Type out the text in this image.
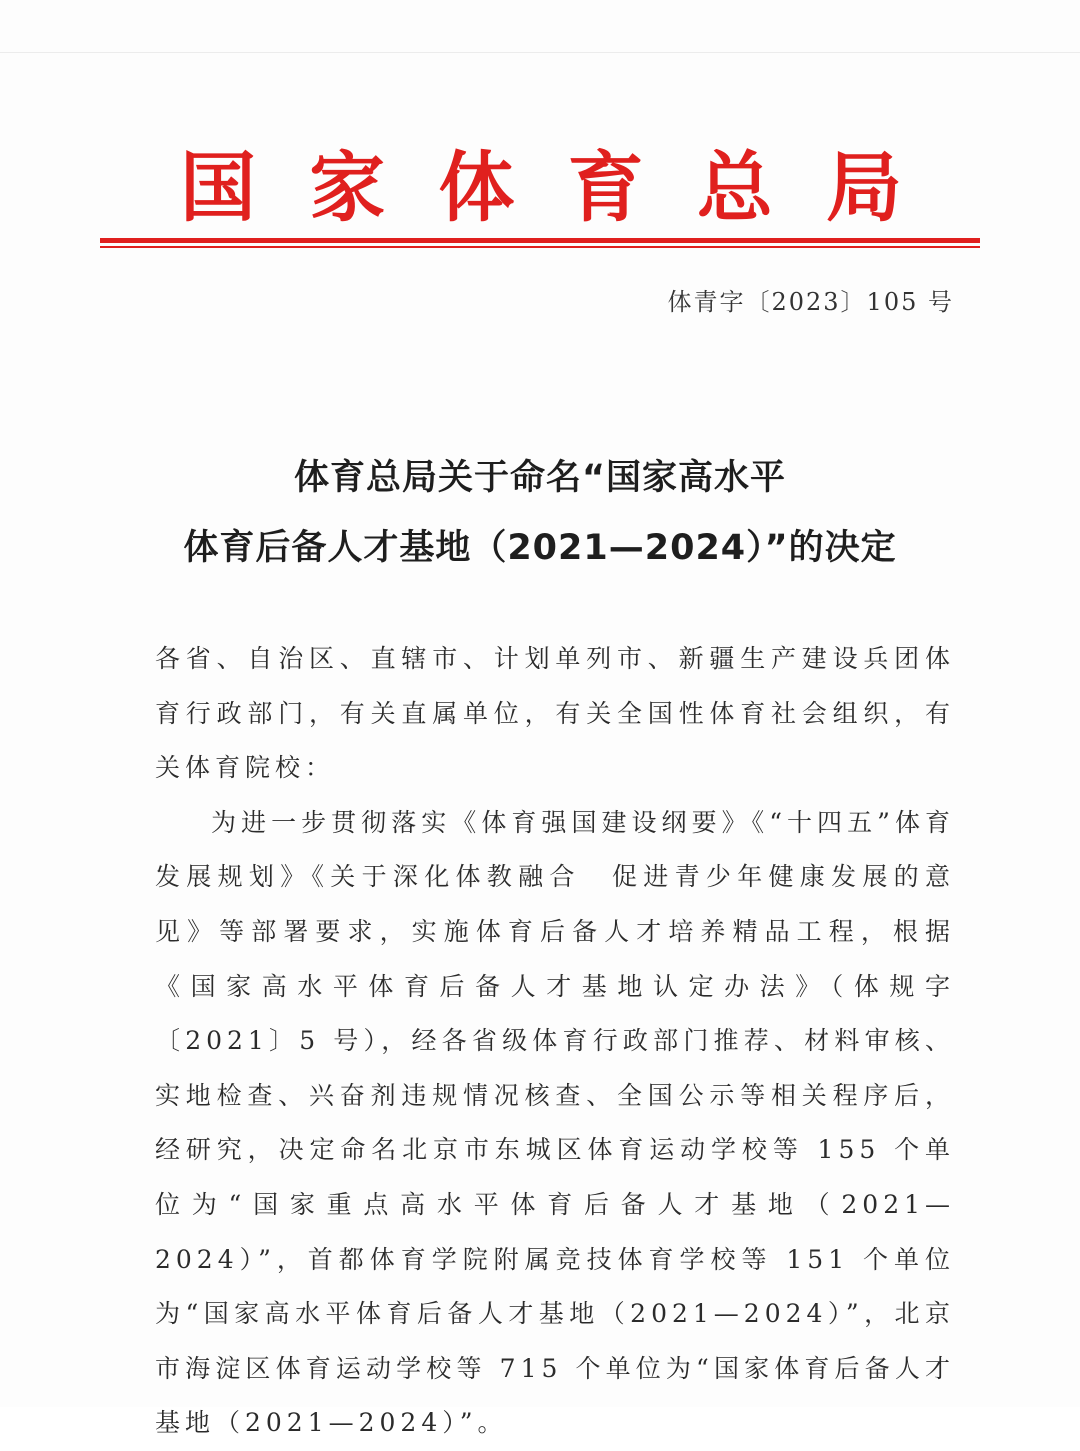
国 家 体 育 总 局
体青字〔2023〕105 号
体育总局关于命名“国家高水平
体育后备人才基地（2021—2024）”的决定

各省、自治区、直辖市、计划单列市、新疆生产建设兵团体育行政部门，有关直属单位，有关全国性体育社会组织，有关体育院校：

为进一步贯彻落实《体育强国建设纲要》《“十四五”体育发展规划》《关于深化体教融合　促进青少年健康发展的意见》等部署要求，实施体育后备人才培养精品工程，根据《国家高水平体育后备人才基地认定办法》（体规字〔2021〕5 号），经各省级体育行政部门推荐、材料审核、实地检查、兴奋剂违规情况核查、全国公示等相关程序后，经研究，决定命名北京市东城区体育运动学校等 155 个单位为“国家重点高水平体育后备人才基地（2021—2024）”，首都体育学院附属竞技体育学校等 151 个单位为“国家高水平体育后备人才基地（2021—2024）”，北京市海淀区体育运动学校等 715 个单位为“国家体育后备人才基地（2021—2024）”。
